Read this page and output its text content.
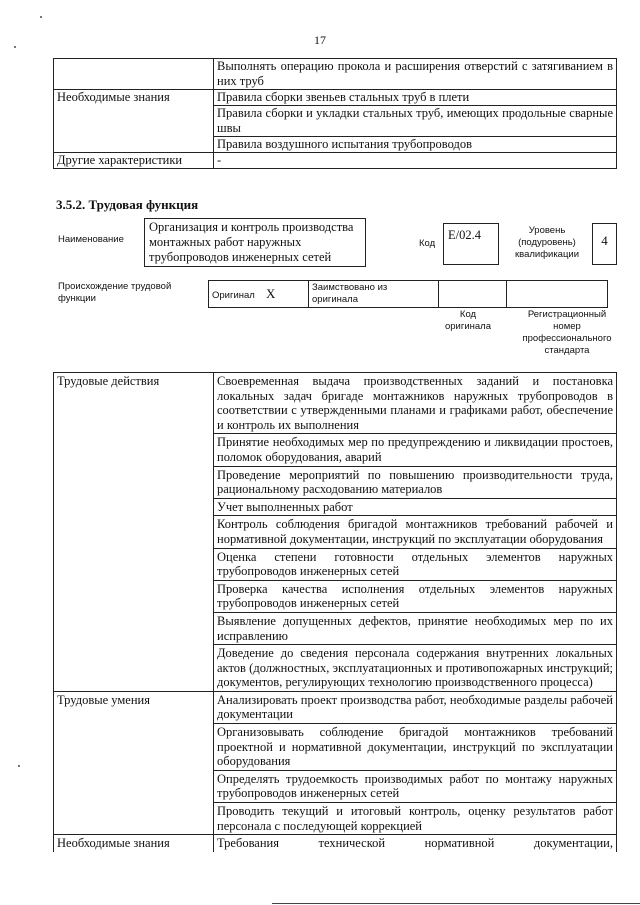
17
	Выполнять операцию прокола и расширения отверстий с затягиванием в них труб
Необходимые знания	Правила сборки звеньев стальных труб в плети
	Правила сборки и укладки стальных труб, имеющих продольные сварные швы
	Правила воздушного испытания трубопроводов
Другие характеристики	-
3.5.2. Трудовая функция
Наименование
Организация и контроль производства монтажных работ наружных трубопроводов инженерных сетей
Код
E/02.4	Уровень (подуровень) квалификации
4
Происхождение трудовой функции	Оригинал X	Заимствовано из оригинала		
Код оригинала
Регистрационный номер профессионального стандарта
Трудовые действия	Своевременная выдача производственных заданий и постановка локальных задач бригаде монтажников наружных трубопроводов в соответствии с утвержденными планами и графиками работ, обеспечение и контроль их выполнения
	Принятие необходимых мер по предупреждению и ликвидации простоев, поломок оборудования, аварий
	Проведение мероприятий по повышению производительности труда, рациональному расходованию материалов
	Учет выполненных работ
	Контроль соблюдения бригадой монтажников требований рабочей и нормативной документации, инструкций по эксплуатации оборудования
	Оценка степени готовности отдельных элементов наружных трубопроводов инженерных сетей
	Проверка качества исполнения отдельных элементов наружных трубопроводов инженерных сетей
	Выявление допущенных дефектов, принятие необходимых мер по их исправлению
	Доведение до сведения персонала содержания внутренних локальных актов (должностных, эксплуатационных и противопожарных инструкций; документов, регулирующих технологию производственного процесса)
Трудовые умения	Анализировать проект производства работ, необходимые разделы рабочей документации
	Организовывать соблюдение бригадой монтажников требований проектной и нормативной документации, инструкций по эксплуатации оборудования
	Определять трудоемкость производимых работ по монтажу наружных трубопроводов инженерных сетей
	Проводить текущий и итоговый контроль, оценку результатов работ персонала с последующей коррекцией
Необходимые знания	Требования технической нормативной документации,
